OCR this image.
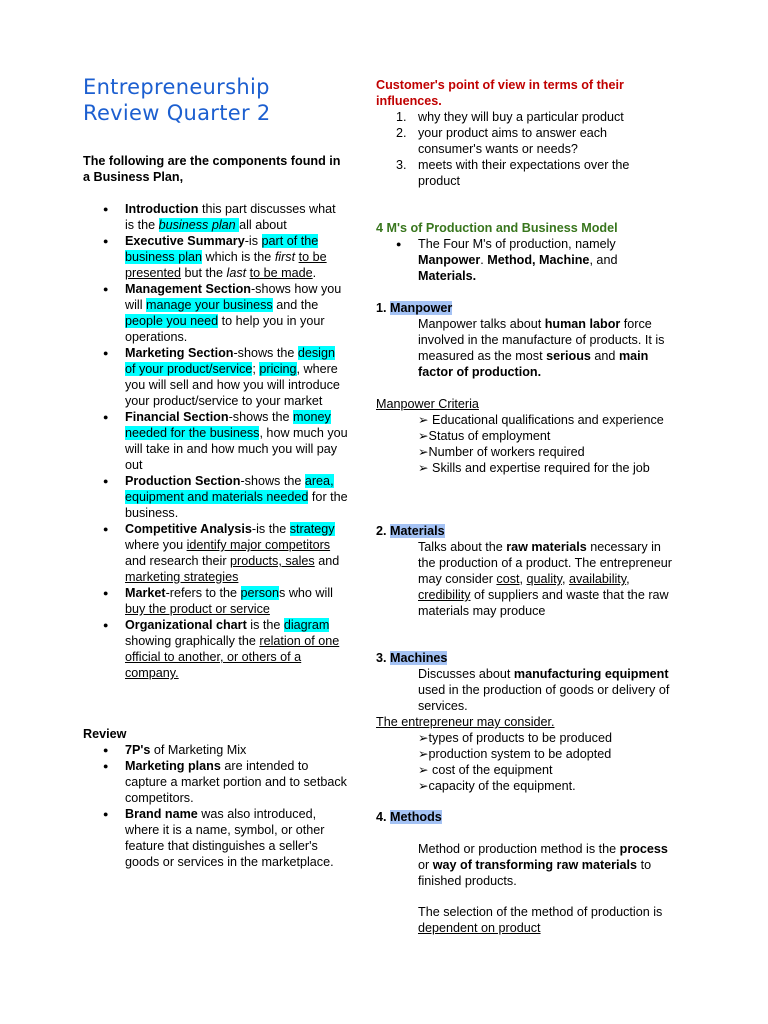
Entrepreneurship
Review Quarter 2
The following are the components found in a Business Plan,
● Introduction this part discusses what is the business plan all about
● Executive Summary-is part of the business plan which is the first to be presented but the last to be made.
● Management Section-shows how you will manage your business and the people you need to help you in your operations.
● Marketing Section-shows the design of your product/service; pricing, where you will sell and how you will introduce your product/service to your market
● Financial Section-shows the money needed for the business, how much you will take in and how much you will pay out
● Production Section-shows the area, equipment and materials needed for the business.
● Competitive Analysis-is the strategy where you identify major competitors and research their products, sales and marketing strategies
● Market-refers to the persons who will buy the product or service
● Organizational chart is the diagram showing graphically the relation of one official to another, or others of a company.
Review
● 7P's of Marketing Mix
● Marketing plans are intended to capture a market portion and to setback competitors.
● Brand name was also introduced, where it is a name, symbol, or other feature that distinguishes a seller's goods or services in the marketplace.
Customer's point of view in terms of their influences.
1. why they will buy a particular product
2. your product aims to answer each consumer's wants or needs?
3. meets with their expectations over the product
4 M's of Production and Business Model
● The Four M's of production, namely Manpower. Method, Machine, and Materials.
1. Manpower
Manpower talks about human labor force involved in the manufacture of products. It is measured as the most serious and main factor of production.
Manpower Criteria
➢ Educational qualifications and experience
➢Status of employment
➢Number of workers required
➢ Skills and expertise required for the job
2. Materials
Talks about the raw materials necessary in the production of a product. The entrepreneur may consider cost, quality, availability, credibility of suppliers and waste that the raw materials may produce
3. Machines
Discusses about manufacturing equipment used in the production of goods or delivery of services.
The entrepreneur may consider.
➢types of products to be produced
➢production system to be adopted
➢ cost of the equipment
➢capacity of the equipment.
4. Methods
Method or production method is the process or way of transforming raw materials to finished products.
The selection of the method of production is dependent on product
